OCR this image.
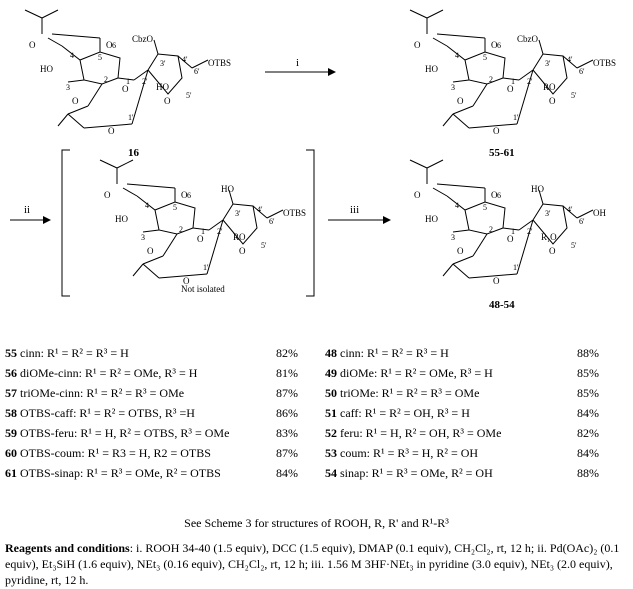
O	6
4	5
O
HO
3
2 1
O
O
CbzO
3' 4'
6'
OTBS
HO
2'
5'
O
1'
O
16
i
O	6
4	5
O
HO
3
2 1
O
O
CbzO
3' 4'
6'
OTBS
RO
2'
5'
O
1'
O
55-61
ii
O	6
4	5
O
HO
3
2 1
O
O
HO
3' 4'
6'
OTBS
RO
2'
5'
O
1'
O
Not isolated
iii
O	6
4	5
O
HO
3
2 1
O
O
HO
3' 4'
6'
OH
R₁O
2'
5'
O
1'
O
48-54
55 cinn: R¹ = R² = R³ = H	82%
56 diOMe-cinn: R¹ = R² = OMe, R³ = H	81%
57 triOMe-cinn: R¹ = R² = R³ = OMe	87%
58 OTBS-caff: R¹ = R² = OTBS, R³ =H	86%
59 OTBS-feru: R¹ = H, R² = OTBS, R³ = OMe	83%
60 OTBS-coum: R¹ = R3 = H, R2 = OTBS	87%
61 OTBS-sinap: R¹ = R³ = OMe, R² = OTBS	84%
48 cinn: R¹ = R² = R³ = H	88%
49 diOMe: R¹ = R² = OMe, R³ = H	85%
50 triOMe: R¹ = R² = R³ = OMe	85%
51 caff: R¹ = R² = OH, R³ = H	84%
52 feru: R¹ = H, R² = OH, R³ = OMe	82%
53 coum: R¹ = R³ = H, R² = OH	84%
54 sinap: R¹ = R³ = OMe, R² = OH	88%
See Scheme 3 for structures of ROOH, R, R' and R¹-R³
Reagents and conditions: i. ROOH 34-40 (1.5 equiv), DCC (1.5 equiv), DMAP (0.1 equiv), CH₂Cl₂, rt, 12 h; ii. Pd(OAc)₂ (0.1 equiv), Et₃SiH (1.6 equiv), NEt₃ (0.16 equiv), CH₂Cl₂, rt, 12 h; iii. 1.56 M 3HF·NEt₃ in pyridine (3.0 equiv), NEt₃ (2.0 equiv), pyridine, rt, 12 h.
